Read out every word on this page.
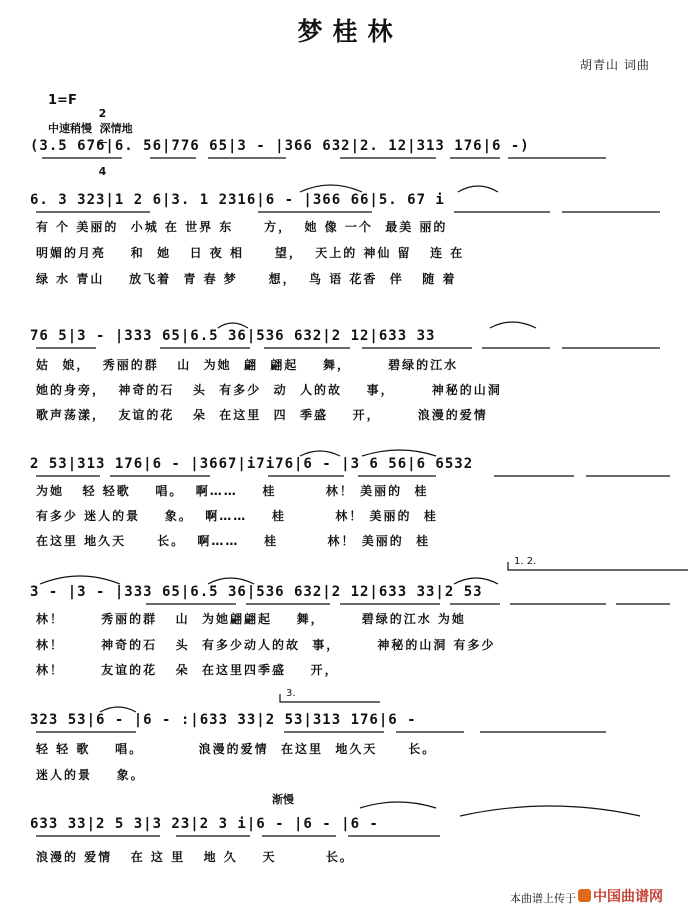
梦桂林
胡青山 词曲
1=F

2

4

中速稍慢  深情地
(3.5 676|6. 56|776 65|3 - |366 632|2. 12|313 176|6 -)
6. 3 323|1 2 6|3. 1 2316|6 - |366 66|5. 67 i
有 个 美丽的  小城 在 世界 东     方，  她 像 一个  最美 丽的
明媚的月亮    和  她   日 夜 相     望，  天上的 神仙 留   连 在
绿 水 青山    放飞着  青 春 梦     想，  鸟 语 花香  伴   随 着
76 5|3 - |333 65|6.5 36|536 632|2 12|633 33
姑  娘，  秀丽的群   山  为她  翩  翩起    舞，      碧绿的江水
她的身旁，  神奇的石   头  有多少  动  人的故    事，      神秘的山洞
歌声荡漾，  友谊的花   朵  在这里  四  季盛    开，      浪漫的爱情
2 53|313 176|6 - |3667|i7i76|6 - |3 6 56|6 6532
为她   轻 轻歌    唱。  啊……    桂        林！ 美丽的  桂
有多少 迷人的景    象。  啊……    桂        林！ 美丽的  桂
在这里 地久天     长。  啊……    桂        林！ 美丽的  桂
1. 2.
3 - |3 - |333 65|6.5 36|536 632|2 12|633 33|2 53
林！      秀丽的群   山  为她翩翩起    舞，      碧绿的江水 为她
林！      神奇的石   头  有多少动人的故  事，      神秘的山洞 有多少
林！      友谊的花   朵  在这里四季盛    开，
3.
323 53|6 - |6 - :|633 33|2 53|313 176|6 -
轻 轻 歌    唱。         浪漫的爱情  在这里  地久天     长。
迷人的景    象。
渐慢
633 33|2 5 3|3 23|2 3 i|6 - |6 - |6 -
浪漫的 爱情   在 这 里   地 久    天        长。
本曲谱上传于 中国曲谱网
